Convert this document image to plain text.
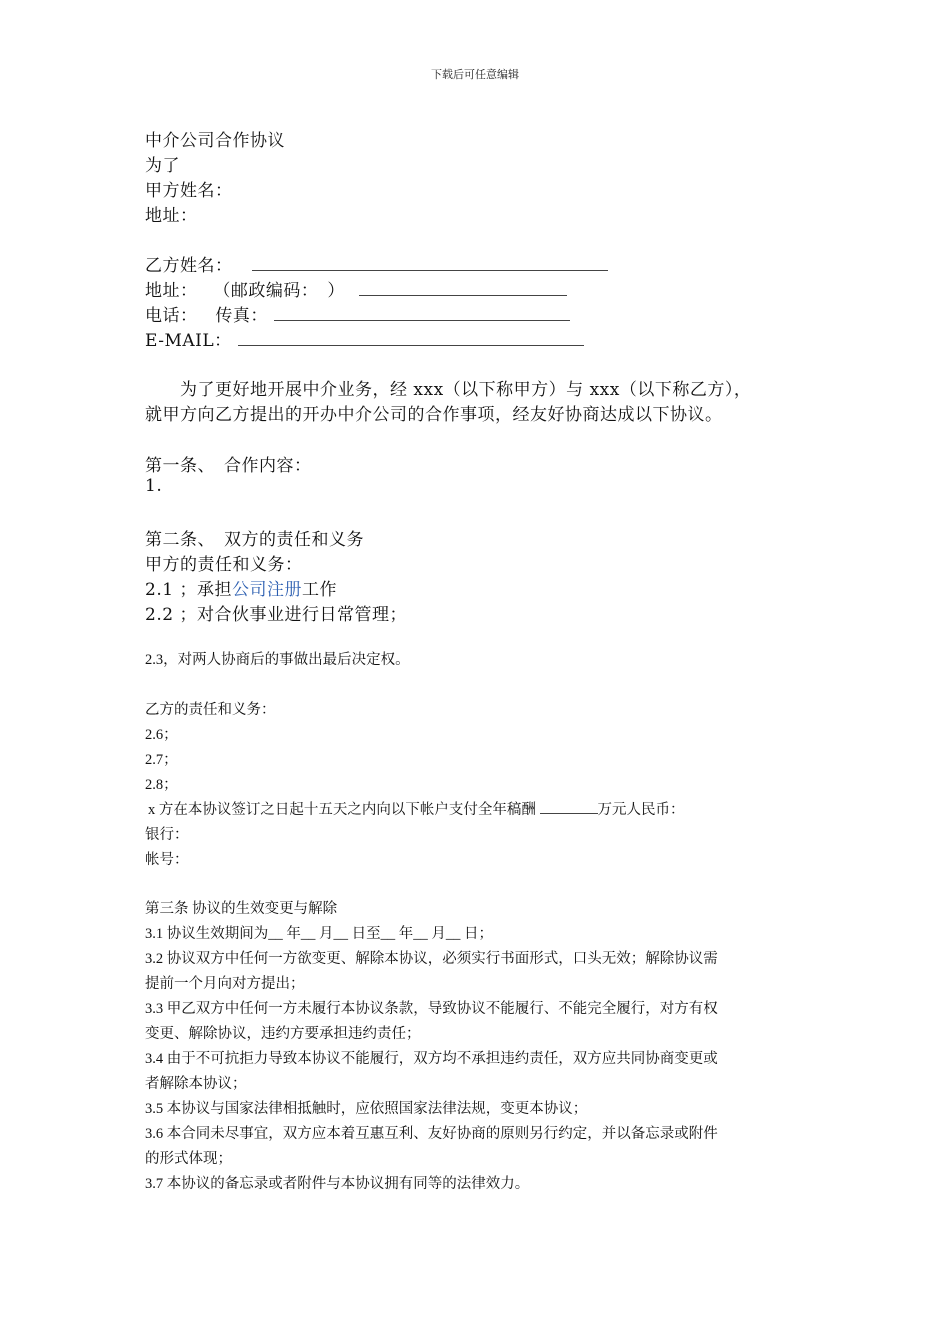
下载后可任意编辑
中介公司合作协议
为了
甲方姓名：
地址：
乙方姓名：
地址： （邮政编码：　）
电话： 传真：
E-MAIL：
为了更好地开展中介业务，经 xxx（以下称甲方）与 xxx（以下称乙方），
就甲方向乙方提出的开办中介公司的合作事项，经友好协商达成以下协议。
第一条、　合作内容：
1.
第二条、　双方的责任和义务
甲方的责任和义务：
2.1 ；承担公司注册工作
2.2 ；对合伙事业进行日常管理；
2.3，对两人协商后的事做出最后决定权。
乙方的责任和义务：
2.6；
2.7；
2.8；
x 方在本协议签订之日起十五天之内向以下帐户支付全年稿酬	万元人民币：
银行：
帐号：
第三条 协议的生效变更与解除
3.1 协议生效期间为__ 年__ 月__ 日至__ 年__ 月__ 日；
3.2 协议双方中任何一方欲变更、解除本协议，必须实行书面形式，口头无效；解除协议需
提前一个月向对方提出；
3.3 甲乙双方中任何一方未履行本协议条款，导致协议不能履行、不能完全履行，对方有权
变更、解除协议，违约方要承担违约责任；
3.4 由于不可抗拒力导致本协议不能履行，双方均不承担违约责任，双方应共同协商变更或
者解除本协议；
3.5 本协议与国家法律相抵触时，应依照国家法律法规，变更本协议；
3.6 本合同未尽事宜，双方应本着互惠互利、友好协商的原则另行约定，并以备忘录或附件
的形式体现；
3.7 本协议的备忘录或者附件与本协议拥有同等的法律效力。
